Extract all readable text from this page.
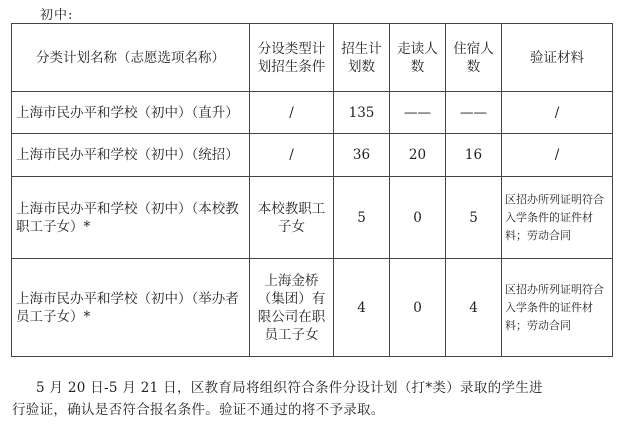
初中:
分类计划名称（志愿选项名称）	分设类型计划招生条件	招生计划数	走读人数	住宿人数	验证材料
上海市民办平和学校（初中）（直升）	/	135	——	——	/
上海市民办平和学校（初中）（统招）	/	36	20	16	/
上海市民办平和学校（初中）（本校教职工子女）*	本校教职工子女	5	0	5	区招办所列证明符合入学条件的证件材料；劳动合同
上海市民办平和学校（初中）（举办者员工子女）*	上海金桥（集团）有限公司在职员工子女	4	0	4	区招办所列证明符合入学条件的证件材料；劳动合同
5 月 20 日-5 月 21 日，区教育局将组织符合条件分设计划（打*类）录取的学生进
行验证，确认是否符合报名条件。验证不通过的将不予录取。
